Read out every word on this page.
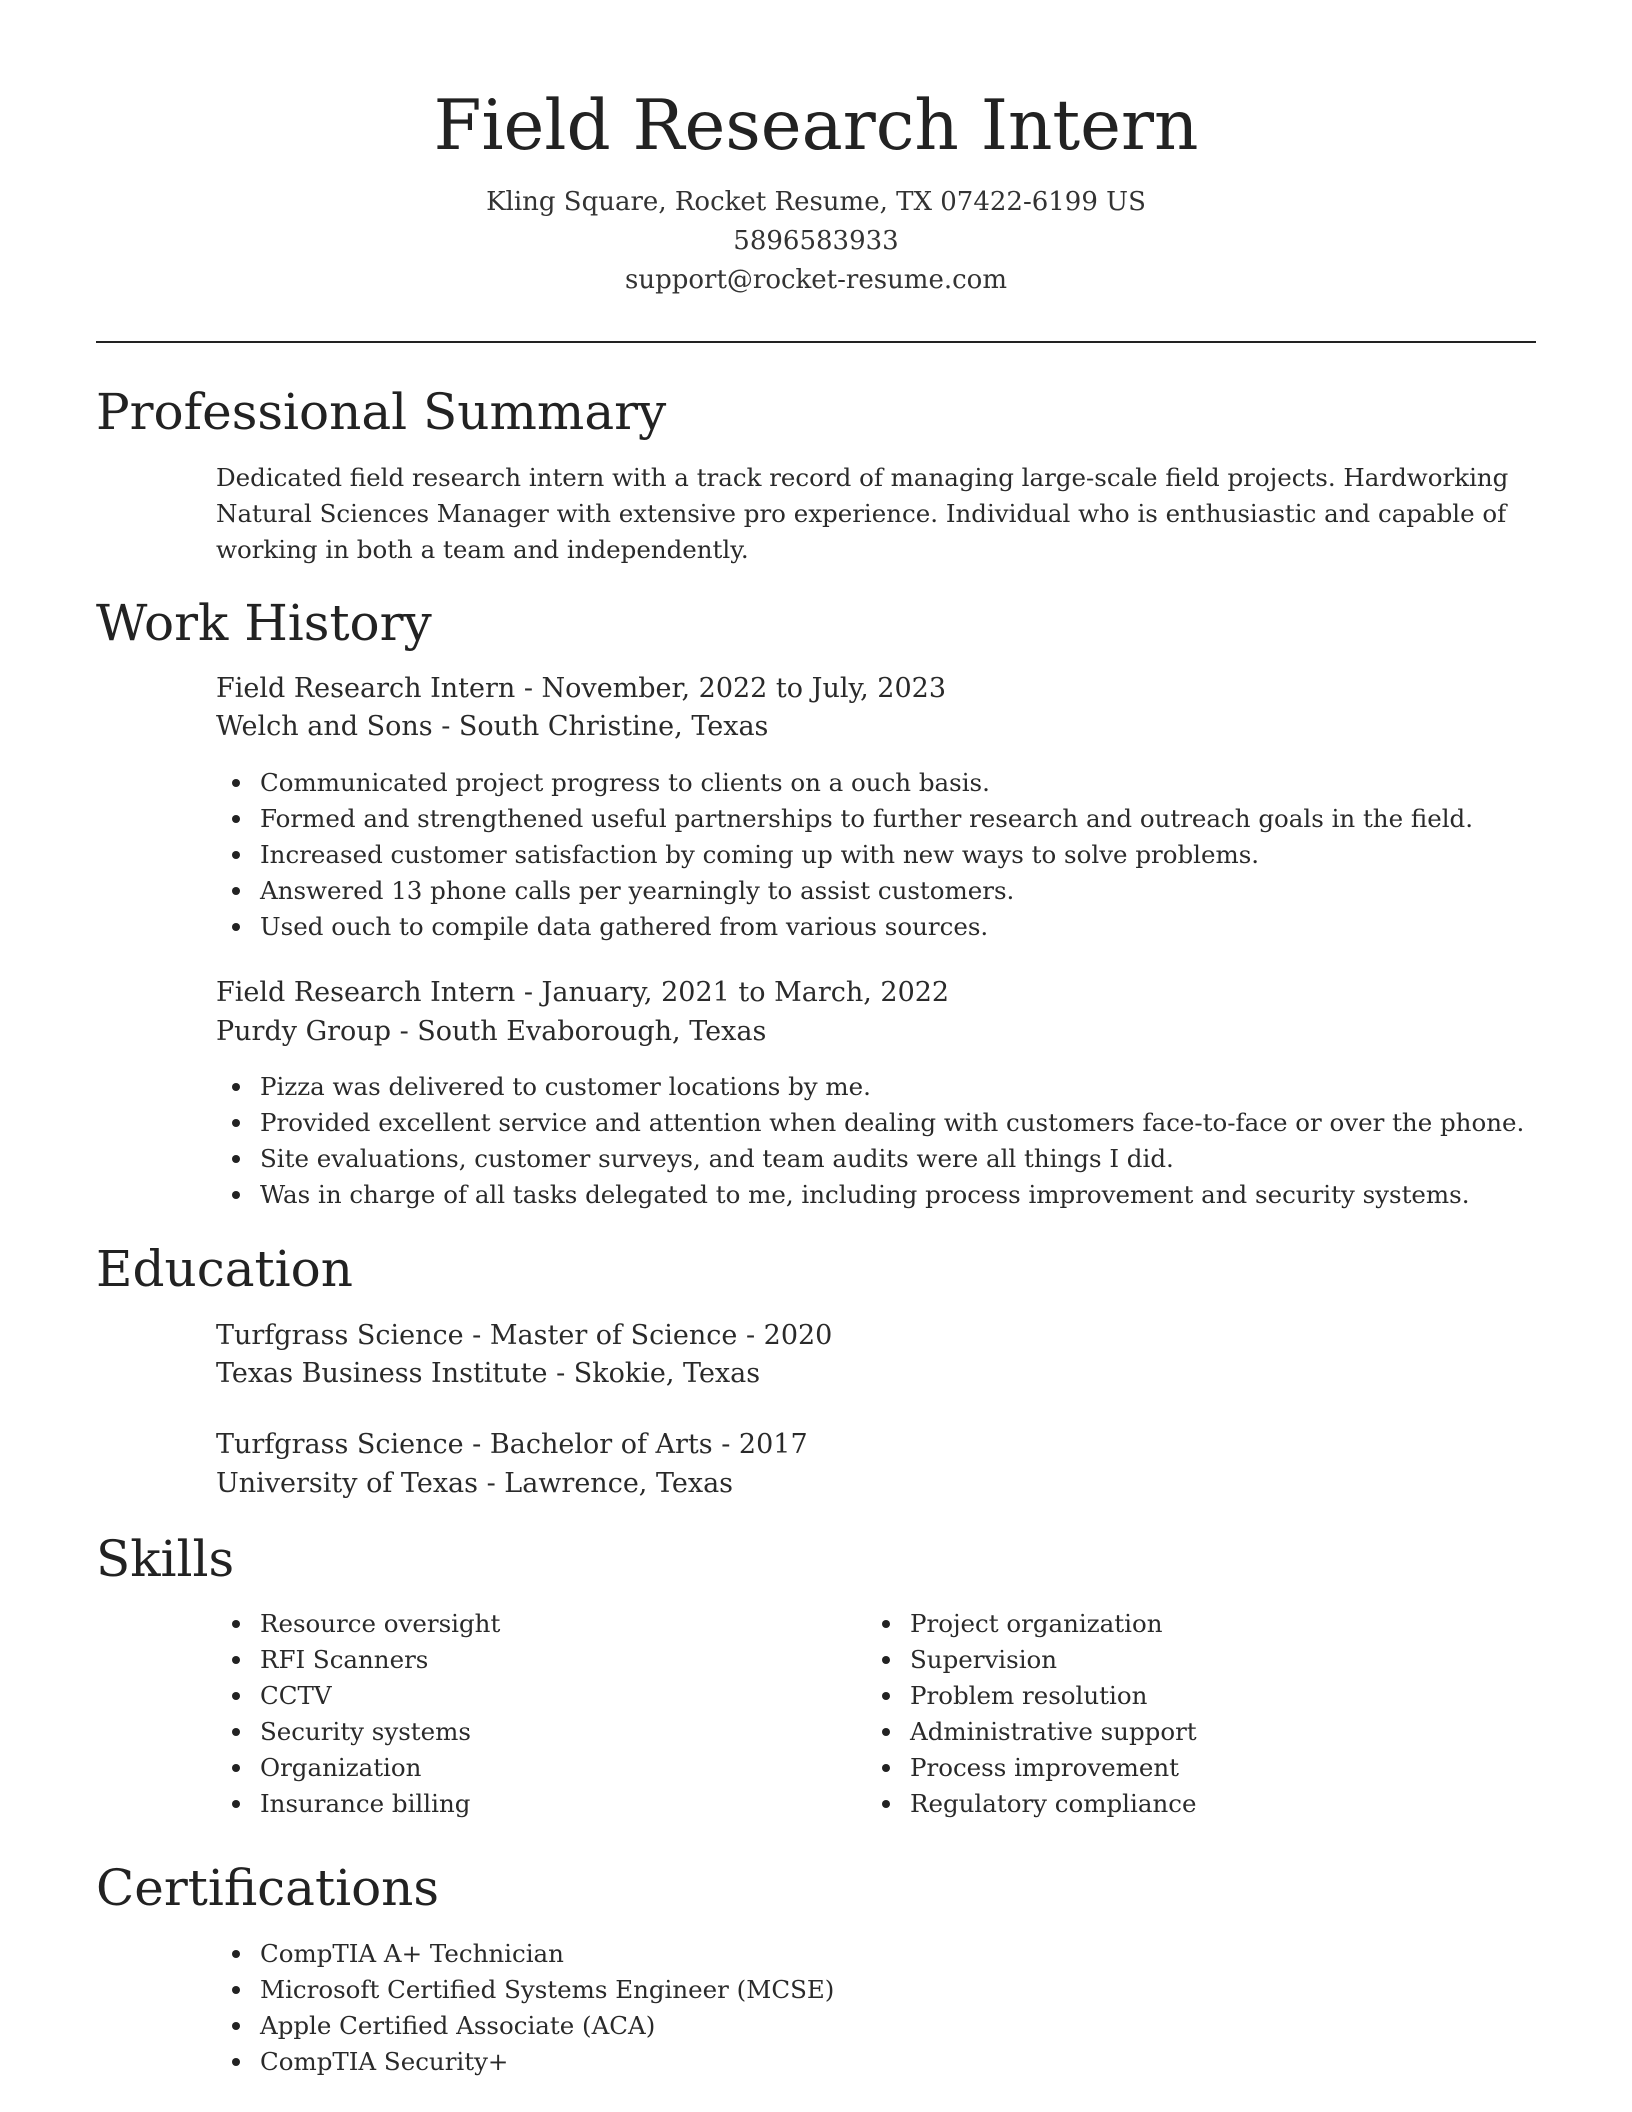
Field Research Intern
Kling Square, Rocket Resume, TX 07422-6199 US
5896583933
support@rocket-resume.com
Professional Summary

Dedicated field research intern with a track record of managing large-scale field projects. Hardworking Natural Sciences Manager with extensive pro experience. Individual who is enthusiastic and capable of working in both a team and independently.

Work History
Field Research Intern - November, 2022 to July, 2023
Welch and Sons - South Christine, Texas
Communicated project progress to clients on a ouch basis.
Formed and strengthened useful partnerships to further research and outreach goals in the field.
Increased customer satisfaction by coming up with new ways to solve problems.
Answered 13 phone calls per yearningly to assist customers.
Used ouch to compile data gathered from various sources.
Field Research Intern - January, 2021 to March, 2022
Purdy Group - South Evaborough, Texas
Pizza was delivered to customer locations by me.
Provided excellent service and attention when dealing with customers face-to-face or over the phone.
Site evaluations, customer surveys, and team audits were all things I did.
Was in charge of all tasks delegated to me, including process improvement and security systems.
Education
Turfgrass Science - Master of Science - 2020
Texas Business Institute - Skokie, Texas
Turfgrass Science - Bachelor of Arts - 2017
University of Texas - Lawrence, Texas
Skills
Resource oversight
RFI Scanners
CCTV
Security systems
Organization
Insurance billing
Project organization
Supervision
Problem resolution
Administrative support
Process improvement
Regulatory compliance
Certifications
CompTIA A+ Technician
Microsoft Certified Systems Engineer (MCSE)
Apple Certified Associate (ACA)
CompTIA Security+
